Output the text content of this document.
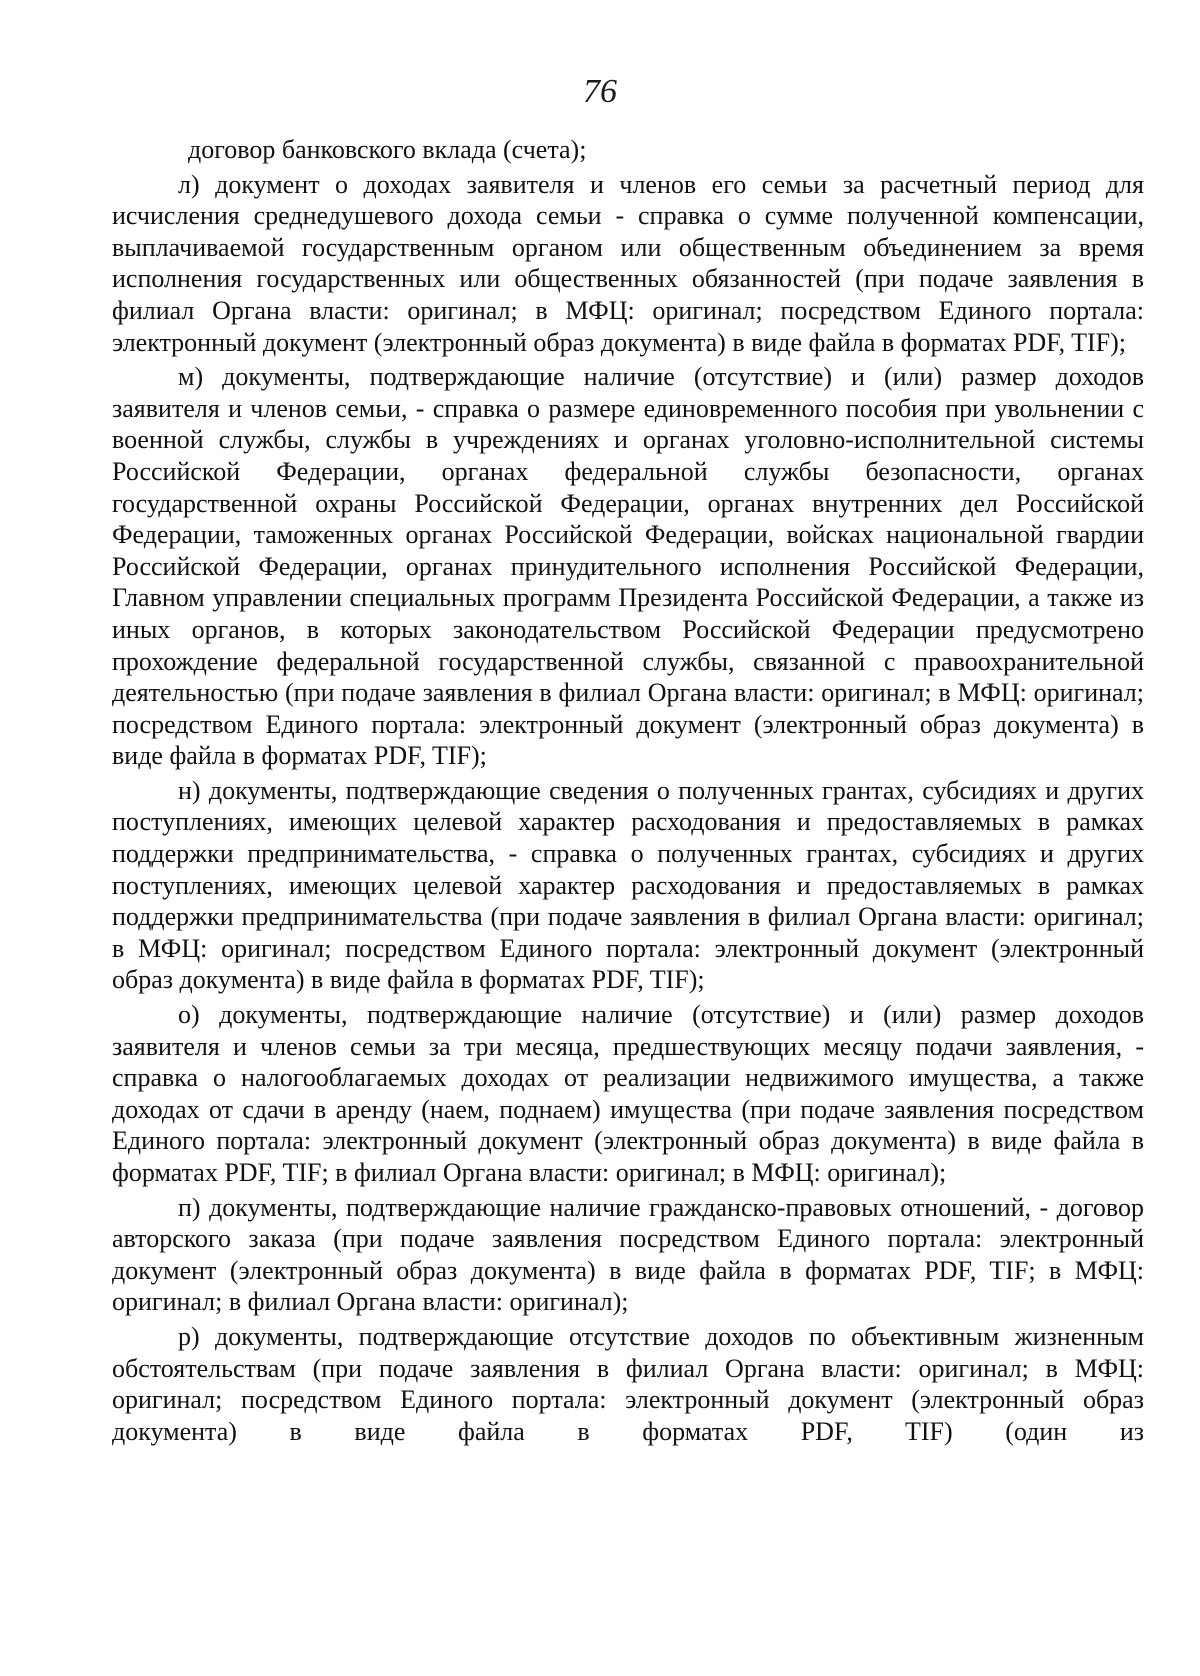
76

договор банковского вклада (счета);

л) документ о доходах заявителя и членов его семьи за расчетный период для исчисления среднедушевого дохода семьи - справка о сумме полученной компенсации, выплачиваемой государственным органом или общественным объединением за время исполнения государственных или общественных обязанностей (при подаче заявления в филиал Органа власти: оригинал; в МФЦ: оригинал; посредством Единого портала: электронный документ (электронный образ документа) в виде файла в форматах PDF, TIF);

м) документы, подтверждающие наличие (отсутствие) и (или) размер доходов заявителя и членов семьи, - справка о размере единовременного пособия при увольнении с военной службы, службы в учреждениях и органах уголовно-исполнительной системы Российской Федерации, органах федеральной службы безопасности, органах государственной охраны Российской Федерации, органах внутренних дел Российской Федерации, таможенных органах Российской Федерации, войсках национальной гвардии Российской Федерации, органах принудительного исполнения Российской Федерации, Главном управлении специальных программ Президента Российской Федерации, а также из иных органов, в которых законодательством Российской Федерации предусмотрено прохождение федеральной государственной службы, связанной с правоохранительной деятельностью (при подаче заявления в филиал Органа власти: оригинал; в МФЦ: оригинал; посредством Единого портала: электронный документ (электронный образ документа) в виде файла в форматах PDF, TIF);

н) документы, подтверждающие сведения о полученных грантах, субсидиях и других поступлениях, имеющих целевой характер расходования и предоставляемых в рамках поддержки предпринимательства, - справка о полученных грантах, субсидиях и других поступлениях, имеющих целевой характер расходования и предоставляемых в рамках поддержки предпринимательства (при подаче заявления в филиал Органа власти: оригинал; в МФЦ: оригинал; посредством Единого портала: электронный документ (электронный образ документа) в виде файла в форматах PDF, TIF);

о) документы, подтверждающие наличие (отсутствие) и (или) размер доходов заявителя и членов семьи за три месяца, предшествующих месяцу подачи заявления, - справка о налогооблагаемых доходах от реализации недвижимого имущества, а также доходах от сдачи в аренду (наем, поднаем) имущества (при подаче заявления посредством Единого портала: электронный документ (электронный образ документа) в виде файла в форматах PDF, TIF; в филиал Органа власти: оригинал; в МФЦ: оригинал);

п) документы, подтверждающие наличие гражданско-правовых отношений, - договор авторского заказа (при подаче заявления посредством Единого портала: электронный документ (электронный образ документа) в виде файла в форматах PDF, TIF; в МФЦ: оригинал; в филиал Органа власти: оригинал);

р) документы, подтверждающие отсутствие доходов по объективным жизненным обстоятельствам (при подаче заявления в филиал Органа власти: оригинал; в МФЦ: оригинал; посредством Единого портала: электронный документ (электронный образ документа) в виде файла в форматах PDF, TIF) (один из
